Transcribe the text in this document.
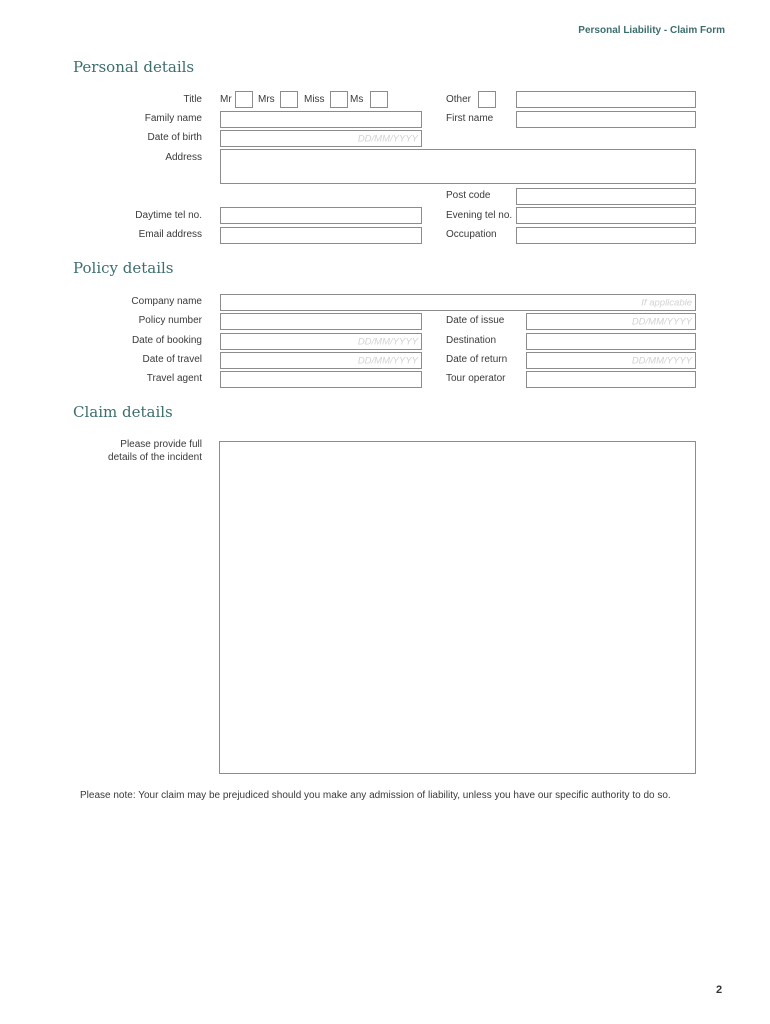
Personal Liability - Claim Form
Personal details
Title Mr	Mrs	Miss	Ms	Other
Family name	First name
Date of birth	DD/MM/YYYY
Address
Post code
Daytime tel no.	Evening tel no.
Email address	Occupation
Policy details
Company name	If applicable
Policy number	Date of issue	DD/MM/YYYY
Date of booking	DD/MM/YYYY	Destination
Date of travel	DD/MM/YYYY	Date of return	DD/MM/YYYY
Travel agent	Tour operator
Claim details
Please provide full
details of the incident
Please note: Your claim may be prejudiced should you make any admission of liability, unless you have our specific authority to do so.
2
